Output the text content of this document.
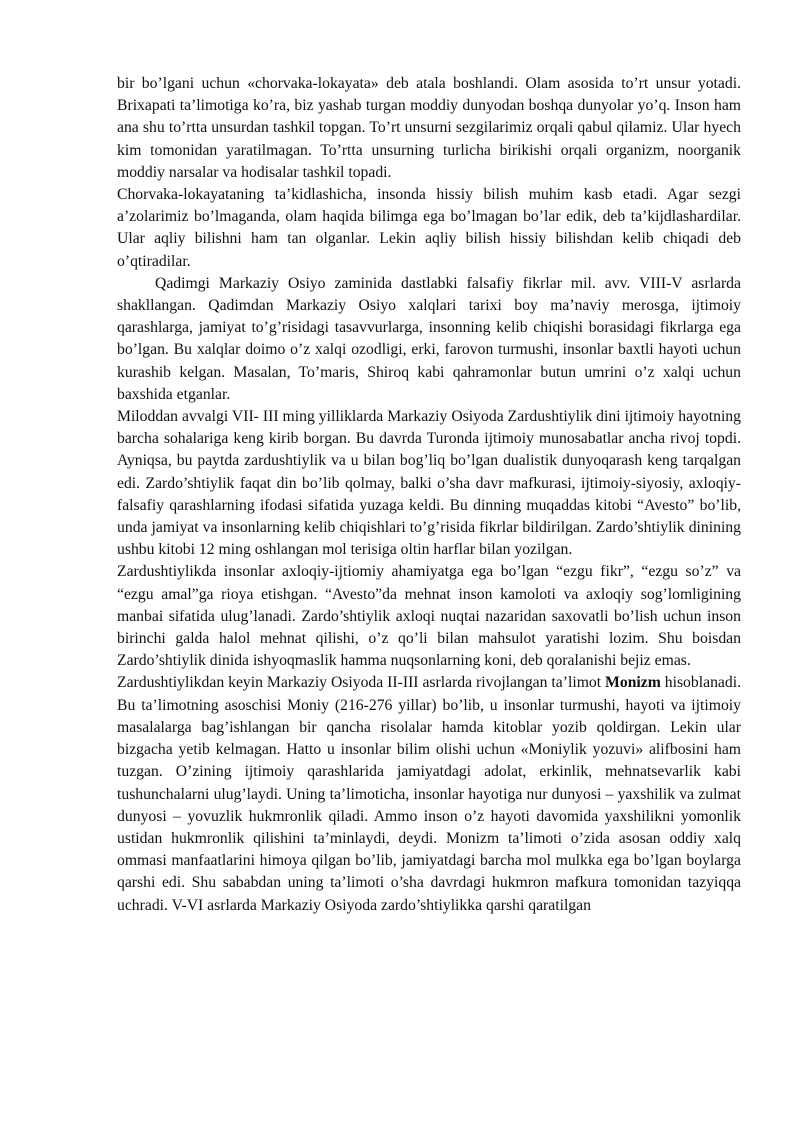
bir bo’lgani uchun «chorvaka-lokayata» deb atala boshlandi. Olam asosida to’rt unsur yotadi. Brixapati ta’limotiga ko’ra, biz yashab turgan moddiy dunyodan boshqa dunyolar yo’q. Inson ham ana shu to’rtta unsurdan tashkil topgan. To’rt unsurni sezgilarimiz orqali qabul qilamiz. Ular hyech kim tomonidan yaratilmagan. To’rtta unsurning turlicha birikishi orqali organizm, noorganik moddiy narsalar va hodisalar tashkil topadi.

Chorvaka-lokayataning ta’kidlashicha, insonda hissiy bilish muhim kasb etadi. Agar sezgi a’zolarimiz bo’lmaganda, olam haqida bilimga ega bo’lmagan bo’lar edik, deb ta’kijdlashardilar. Ular aqliy bilishni ham tan olganlar. Lekin aqliy bilish hissiy bilishdan kelib chiqadi deb o’qtiradilar.

Qadimgi Markaziy Osiyo zaminida dastlabki falsafiy fikrlar mil. avv. VIII-V asrlarda shakllangan. Qadimdan Markaziy Osiyo xalqlari tarixi boy ma’naviy merosga, ijtimoiy qarashlarga, jamiyat to’g’risidagi tasavvurlarga, insonning kelib chiqishi borasidagi fikrlarga ega bo’lgan. Bu xalqlar doimo o’z xalqi ozodligi, erki, farovon turmushi, insonlar baxtli hayoti uchun kurashib kelgan. Masalan, To’maris, Shiroq kabi qahramonlar butun umrini o’z xalqi uchun baxshida etganlar.

Miloddan avvalgi VII- III ming yilliklarda Markaziy Osiyoda Zardushtiylik dini ijtimoiy hayotning barcha sohalariga keng kirib borgan. Bu davrda Turonda ijtimoiy munosabatlar ancha rivoj topdi. Ayniqsa, bu paytda zardushtiylik va u bilan bog’liq bo’lgan dualistik dunyoqarash keng tarqalgan edi. Zardo’shtiylik faqat din bo’lib qolmay, balki o’sha davr mafkurasi, ijtimoiy-siyosiy, axloqiy-falsafiy qarashlarning ifodasi sifatida yuzaga keldi. Bu dinning muqaddas kitobi “Avesto” bo’lib, unda jamiyat va insonlarning kelib chiqishlari to’g’risida fikrlar bildirilgan. Zardo’shtiylik dinining ushbu kitobi 12 ming oshlangan mol terisiga oltin harflar bilan yozilgan.

Zardushtiylikda insonlar axloqiy-ijtiomiy ahamiyatga ega bo’lgan “ezgu fikr”, “ezgu so’z” va “ezgu amal”ga rioya etishgan. “Avesto”da mehnat inson kamoloti va axloqiy sog’lomligining manbai sifatida ulug’lanadi. Zardo’shtiylik axloqi nuqtai nazaridan saxovatli bo’lish uchun inson birinchi galda halol mehnat qilishi, o’z qo’li bilan mahsulot yaratishi lozim. Shu boisdan Zardo’shtiylik dinida ishyoqmaslik hamma nuqsonlarning koni, deb qoralanishi bejiz emas.

Zardushtiylikdan keyin Markaziy Osiyoda II-III asrlarda rivojlangan ta’limot Monizm hisoblanadi. Bu ta’limotning asoschisi Moniy (216-276 yillar) bo’lib, u insonlar turmushi, hayoti va ijtimoiy masalalarga bag’ishlangan bir qancha risolalar hamda kitoblar yozib qoldirgan. Lekin ular bizgacha yetib kelmagan. Hatto u insonlar bilim olishi uchun «Moniylik yozuvi» alifbosini ham tuzgan. O’zining ijtimoiy qarashlarida jamiyatdagi adolat, erkinlik, mehnatsevarlik kabi tushunchalarni ulug’laydi. Uning ta’limoticha, insonlar hayotiga nur dunyosi – yaxshilik va zulmat dunyosi – yovuzlik hukmronlik qiladi. Ammo inson o’z hayoti davomida yaxshilikni yomonlik ustidan hukmronlik qilishini ta’minlaydi, deydi. Monizm ta’limoti o’zida asosan oddiy xalq ommasi manfaatlarini himoya qilgan bo’lib, jamiyatdagi barcha mol mulkka ega bo’lgan boylarga qarshi edi. Shu sababdan uning ta’limoti o’sha davrdagi hukmron mafkura tomonidan tazyiqqa uchradi. V-VI asrlarda Markaziy Osiyoda zardo’shtiylikka qarshi qaratilgan
